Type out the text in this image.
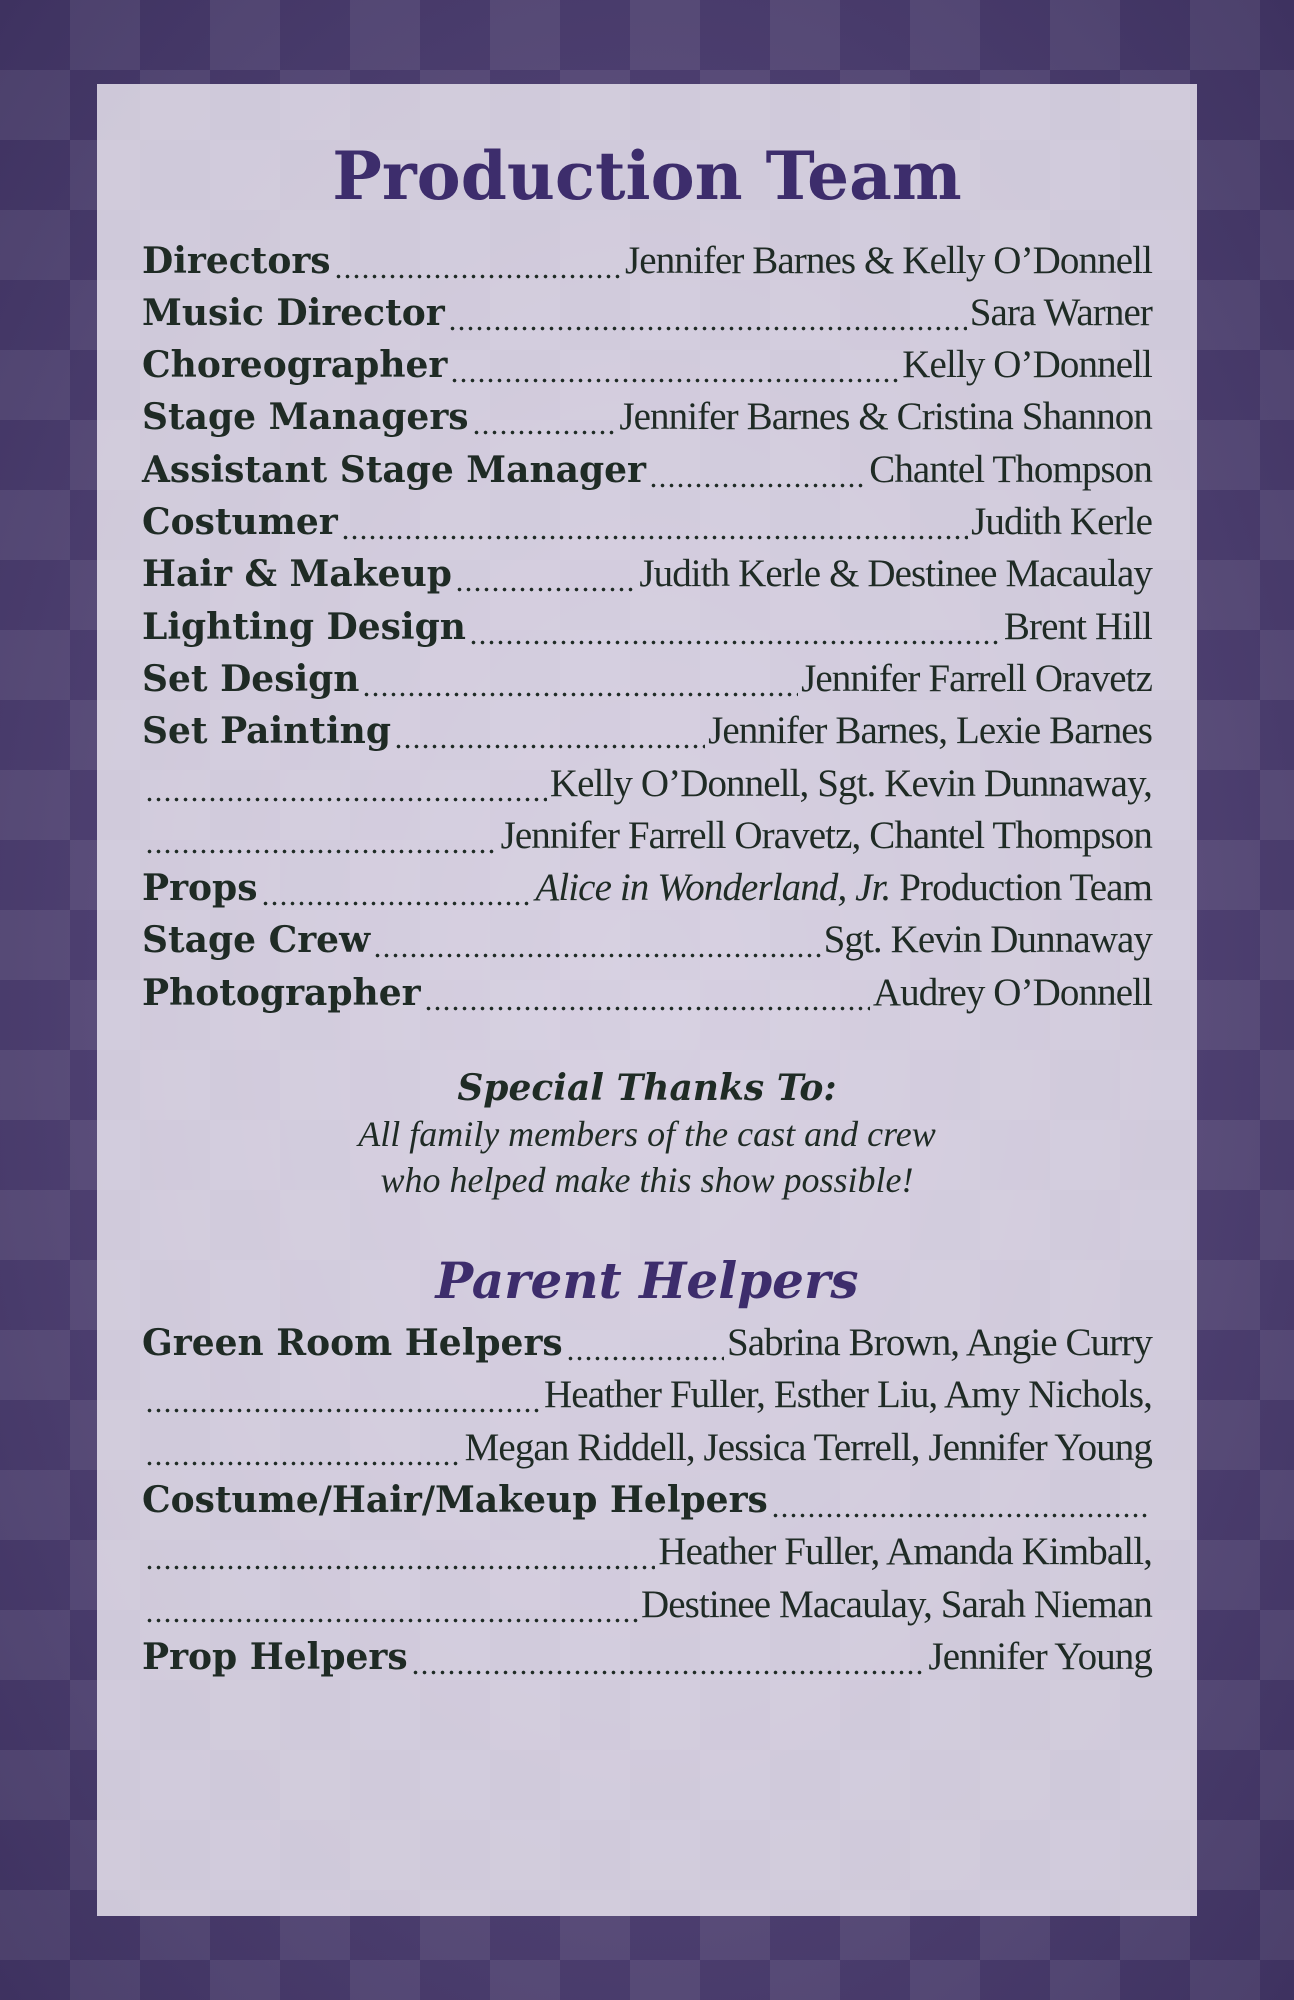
Production Team
Directors	Jennifer Barnes & Kelly O’Donnell
Music Director	Sara Warner
Choreographer	Kelly O’Donnell
Stage Managers	Jennifer Barnes & Cristina Shannon
Assistant Stage Manager	Chantel Thompson
Costumer	Judith Kerle
Hair & Makeup	Judith Kerle & Destinee Macaulay
Lighting Design	Brent Hill
Set Design	Jennifer Farrell Oravetz
Set Painting	Jennifer Barnes, Lexie Barnes
Kelly O’Donnell, Sgt. Kevin Dunnaway,
Jennifer Farrell Oravetz, Chantel Thompson
Props	Alice in Wonderland, Jr. Production Team
Stage Crew	Sgt. Kevin Dunnaway
Photographer	Audrey O’Donnell
Special Thanks To:
All family members of the cast and crew
who helped make this show possible!
Parent Helpers
Green Room Helpers	Sabrina Brown, Angie Curry
Heather Fuller, Esther Liu, Amy Nichols,
Megan Riddell, Jessica Terrell, Jennifer Young
Costume/Hair/Makeup Helpers
Heather Fuller, Amanda Kimball,
Destinee Macaulay, Sarah Nieman
Prop Helpers	Jennifer Young
